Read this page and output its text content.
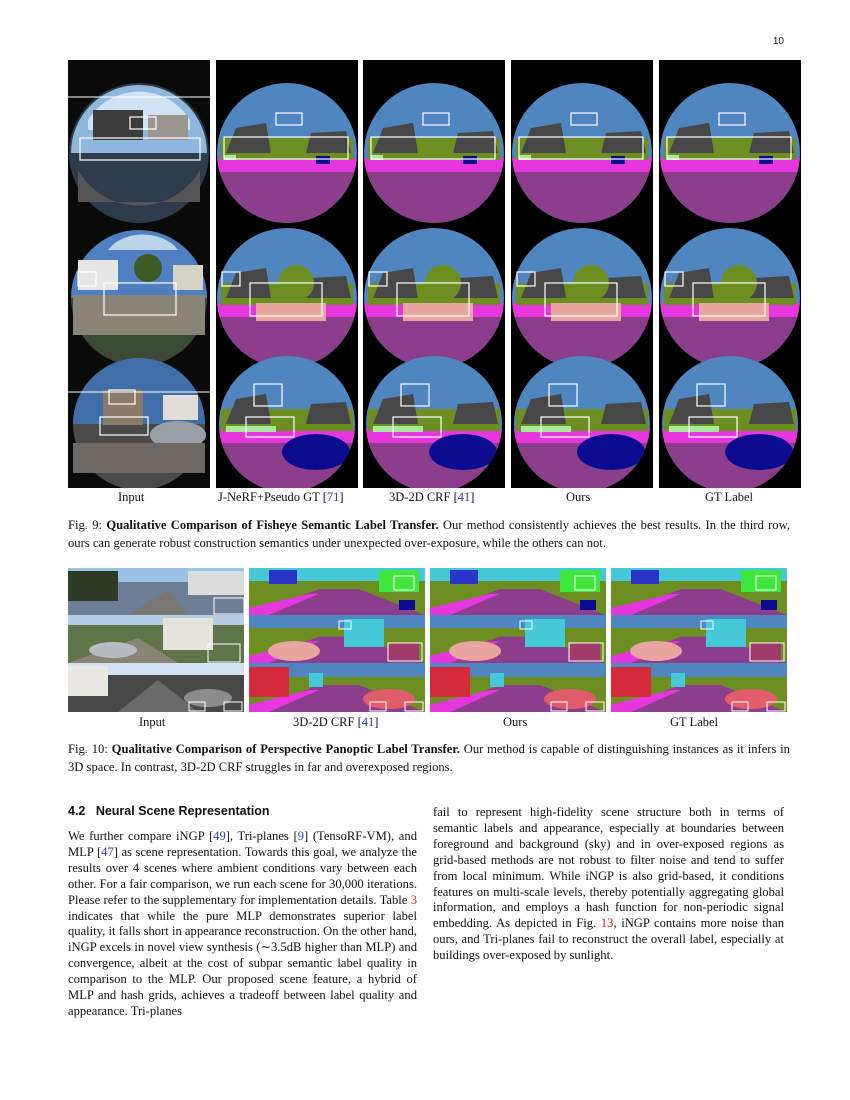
10
Input	J-NeRF+Pseudo GT [71]	3D-2D CRF [41]	Ours	GT Label
Fig. 9: Qualitative Comparison of Fisheye Semantic Label Transfer. Our method consistently achieves the best results. In the third row, ours can generate robust construction semantics under unexpected over-exposure, while the others can not.
Input	3D-2D CRF [41]	Ours	GT Label
Fig. 10: Qualitative Comparison of Perspective Panoptic Label Transfer. Our method is capable of distinguishing instances as it infers in 3D space. In contrast, 3D-2D CRF struggles in far and overexposed regions.
4.2 Neural Scene Representation
We further compare iNGP [49], Tri-planes [9] (TensoRF-VM), and MLP [47] as scene representation. Towards this goal, we analyze the results over 4 scenes where ambient conditions vary between each other. For a fair comparison, we run each scene for 30,000 iterations. Please refer to the supplementary for implementation details. Table 3 indicates that while the pure MLP demonstrates superior label quality, it falls short in appearance reconstruction. On the other hand, iNGP excels in novel view synthesis (∼3.5dB higher than MLP) and convergence, albeit at the cost of subpar semantic label quality in comparison to the MLP. Our proposed scene feature, a hybrid of MLP and hash grids, achieves a tradeoff between label quality and appearance. Tri-planes
fail to represent high-fidelity scene structure both in terms of semantic labels and appearance, especially at boundaries between foreground and background (sky) and in over-exposed regions as grid-based methods are not robust to filter noise and tend to suffer from local minimum. While iNGP is also grid-based, it conditions features on multi-scale levels, thereby potentially aggregating global information, and employs a hash function for non-periodic signal embedding. As depicted in Fig. 13, iNGP contains more noise than ours, and Tri-planes fail to reconstruct the overall label, especially at buildings over-exposed by sunlight.
